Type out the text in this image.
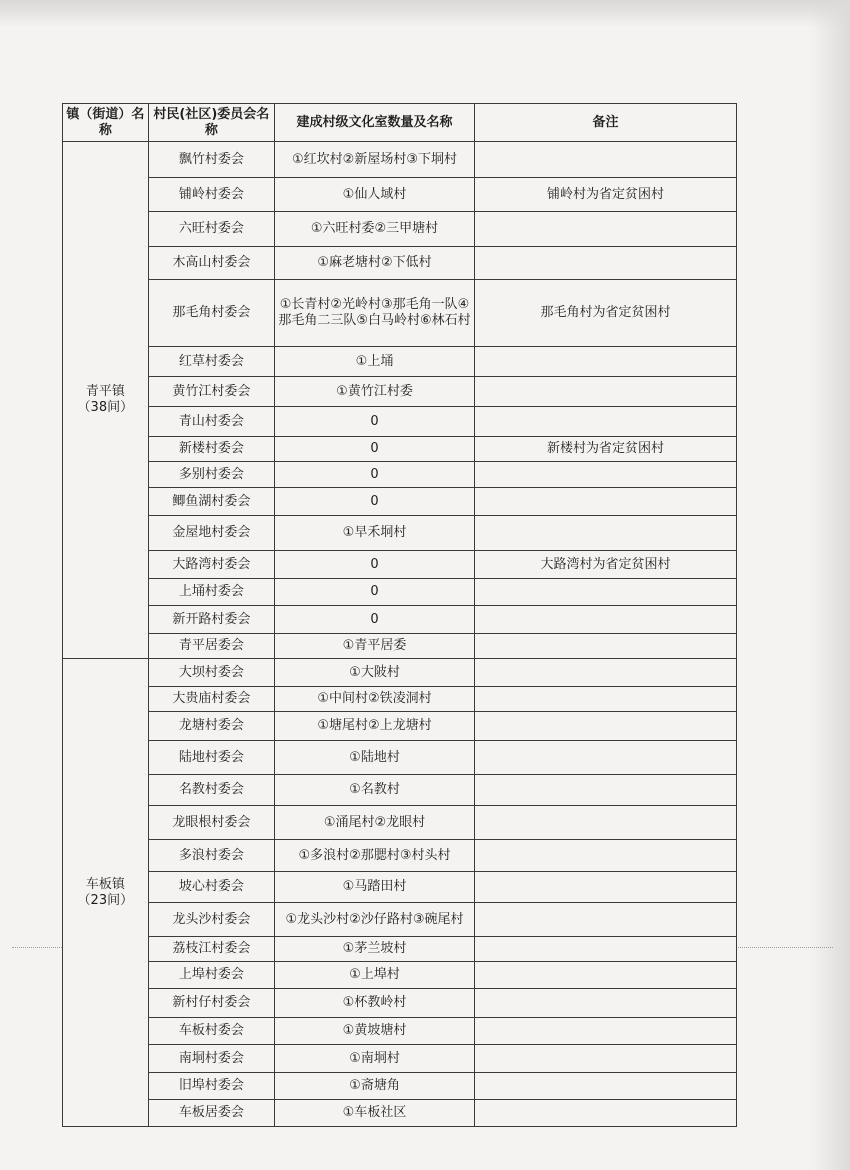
镇（街道）名称	村民(社区)委员会名称	建成村级文化室数量及名称	备注

青平镇
（38间）	飘竹村委会	①红坎村②新屋场村③下垌村	
	铺岭村委会	①仙人域村	铺岭村为省定贫困村
	六旺村委会	①六旺村委②三甲塘村	
	木高山村委会	①麻老塘村②下低村	
	那毛角村委会	①长青村②光岭村③那毛角一队④那毛角二三队⑤白马岭村⑥林石村	那毛角村为省定贫困村
	红草村委会	①上埇	
	黄竹江村委会	①黄竹江村委	
	青山村委会	0	
	新楼村委会	0	新楼村为省定贫困村
	多别村委会	0	
	鲫鱼湖村委会	0	
	金屋地村委会	①早禾垌村	
	大路湾村委会	0	大路湾村为省定贫困村
	上埇村委会	0	
	新开路村委会	0	
	青平居委会	①青平居委	

车板镇
（23间）	大坝村委会	①大陂村	
	大贵庙村委会	①中间村②铁凌洞村	
	龙塘村委会	①塘尾村②上龙塘村	
	陆地村委会	①陆地村	
	名教村委会	①名教村	
	龙眼根村委会	①涌尾村②龙眼村	
	多浪村委会	①多浪村②那腮村③村头村	
	坡心村委会	①马踏田村	
	龙头沙村委会	①龙头沙村②沙仔路村③碗尾村	
	荔枝江村委会	①茅兰坡村	
	上埠村委会	①上埠村	
	新村仔村委会	①杯教岭村	
	车板村委会	①黄坡塘村	
	南垌村委会	①南垌村	
	旧埠村委会	①斋塘角	
	车板居委会	①车板社区	
